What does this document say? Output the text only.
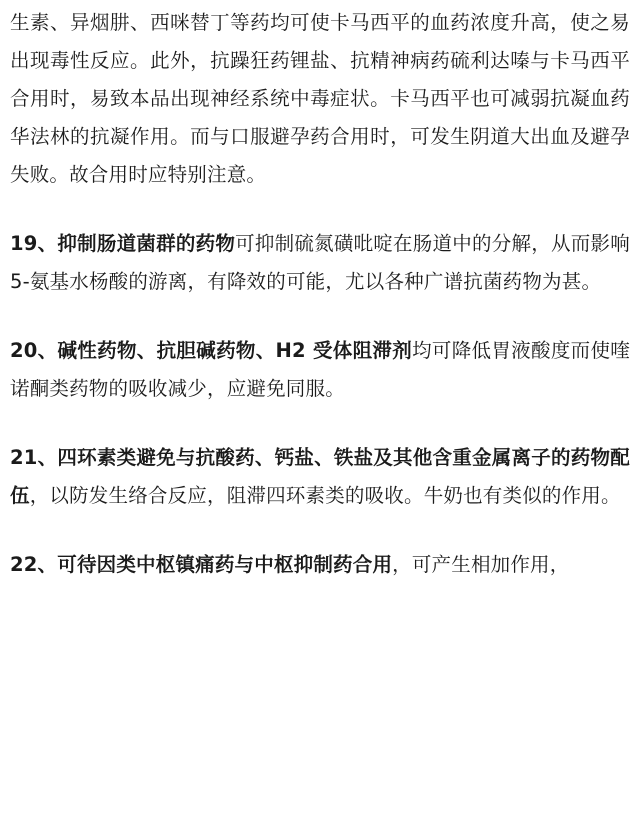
生素、异烟肼、西咪替丁等药均可使卡马西平的血药浓度升高，使之易出现毒性反应。此外，抗躁狂药锂盐、抗精神病药硫利达嗪与卡马西平合用时，易致本品出现神经系统中毒症状。卡马西平也可减弱抗凝血药华法林的抗凝作用。而与口服避孕药合用时，可发生阴道大出血及避孕失败。故合用时应特别注意。

19、抑制肠道菌群的药物可抑制硫氮磺吡啶在肠道中的分解，从而影响 5-氨基水杨酸的游离，有降效的可能，尤以各种广谱抗菌药物为甚。

20、碱性药物、抗胆碱药物、H2 受体阻滞剂均可降低胃液酸度而使喹诺酮类药物的吸收减少，应避免同服。

21、四环素类避免与抗酸药、钙盐、铁盐及其他含重金属离子的药物配伍，以防发生络合反应，阻滞四环素类的吸收。牛奶也有类似的作用。

22、可待因类中枢镇痛药与中枢抑制药合用，可产生相加作用，
